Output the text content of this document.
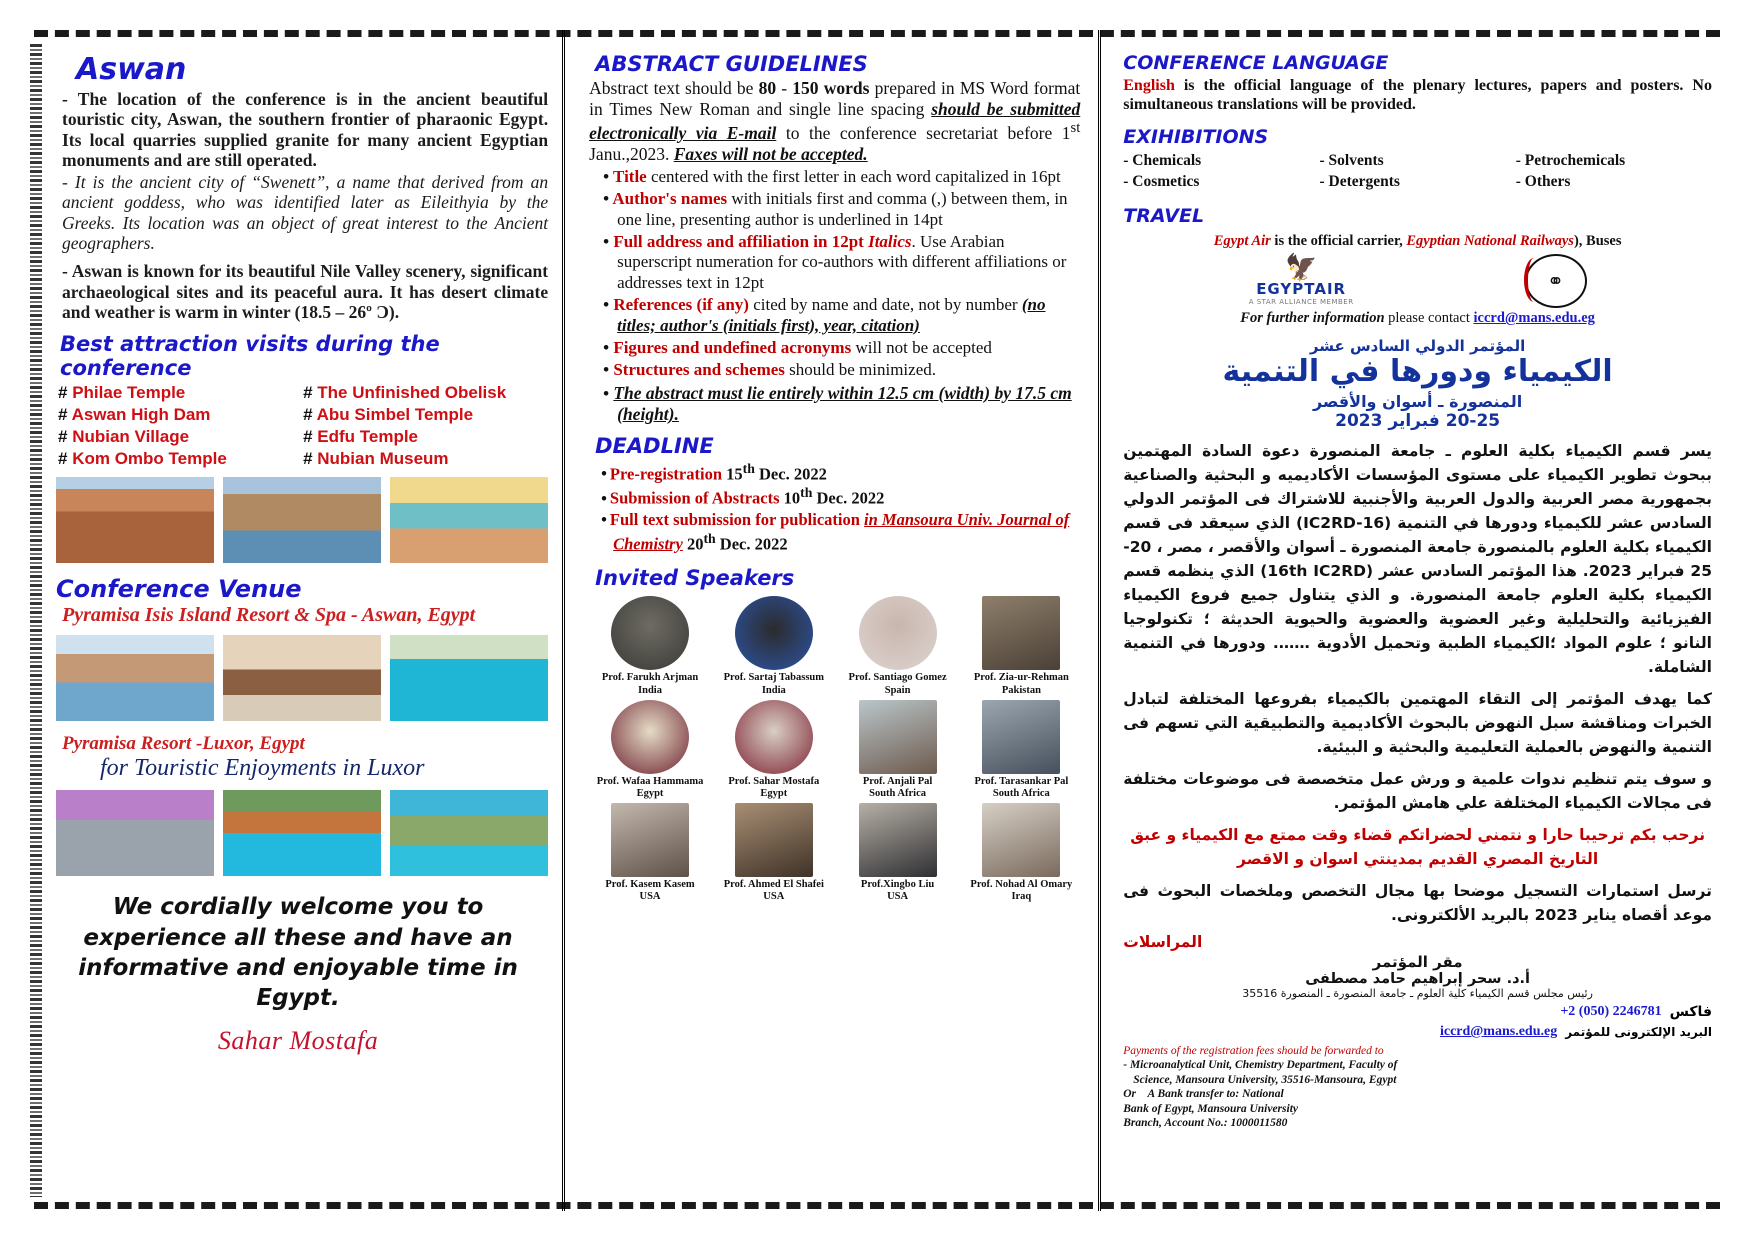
Aswan

- The location of the conference is in the ancient beautiful touristic city, Aswan, the southern frontier of pharaonic Egypt. Its local quarries supplied granite for many ancient Egyptian monuments and are still operated.

- It is the ancient city of “Swenett”, a name that derived from an ancient goddess, who was identified later as Eileithyia by the Greeks. Its location was an object of great interest to the Ancient geographers.

- Aswan is known for its beautiful Nile Valley scenery, significant archaeological sites and its peaceful aura. It has desert climate and weather is warm in winter (18.5 – 26º Ɔ).

Best attraction visits during the conference
# Philae Temple	# The Unfinished Obelisk
# Aswan High Dam	# Abu Simbel Temple
# Nubian Village	# Edfu Temple
# Kom Ombo Temple	# Nubian Museum
Conference Venue
Pyramisa Isis Island Resort & Spa - Aswan, Egypt
Pyramisa Resort -Luxor, Egypt
for Touristic Enjoyments in Luxor
We cordially welcome you to experience all these and have an informative and enjoyable time in Egypt.
Sahar Mostafa
ABSTRACT GUIDELINES

Abstract text should be 80 - 150 words prepared in MS Word format in Times New Roman and single line spacing should be submitted electronically via E-mail to the conference secretariat before 1st Janu.,2023. Faxes will not be accepted.

• Title centered with the first letter in each word capitalized in 16pt
• Author's names with initials first and comma (,) between them, in one line, presenting author is underlined in 14pt
• Full address and affiliation in 12pt Italics. Use Arabian superscript numeration for co-authors with different affiliations or addresses text in 12pt
• References (if any) cited by name and date, not by number (no titles; author's (initials first), year, citation)
• Figures and undefined acronyms will not be accepted
• Structures and schemes should be minimized.
• The abstract must lie entirely within 12.5 cm (width) by 17.5 cm (height).
DEADLINE
• Pre-registration 15th Dec. 2022
• Submission of Abstracts 10th Dec. 2022
• Full text submission for publication in Mansoura Univ. Journal of Chemistry 20th Dec. 2022
Invited Speakers
Prof. Farukh Arjman
India
Prof. Sartaj Tabassum
India
Prof. Santiago Gomez
Spain
Prof. Zia-ur-Rehman
Pakistan
Prof. Wafaa Hammama
Egypt
Prof. Sahar Mostafa
Egypt
Prof. Anjali Pal
South Africa
Prof. Tarasankar Pal
South Africa
Prof. Kasem Kasem
USA
Prof. Ahmed El Shafei
USA
Prof.Xingbo Liu
USA
Prof. Nohad Al Omary
Iraq
CONFERENCE LANGUAGE

English is the official language of the plenary lectures, papers and posters. No simultaneous translations will be provided.

EXIHIBITIONS
- Chemicals	- Solvents	- Petrochemicals
- Cosmetics	- Detergents	- Others
TRAVEL
Egypt Air is the official carrier, Egyptian National Railways), Buses
🦅
EGYPTAIR
A STAR ALLIANCE MEMBER
⚭
For further information please contact iccrd@mans.edu.eg
المؤتمر الدولي السادس عشر
الكيمياء ودورها في التنمية
المنصورة ـ أسوان والأقصر
20-25 فبراير 2023
يسر قسم الكيمياء بكلية العلوم ـ جامعة المنصورة دعوة السادة المهتمين ببحوث تطوير الكيمياء على مستوى المؤسسات الأكاديميه و البحثية والصناعية بجمهورية مصر العربية والدول العربية والأجنبية للاشتراك فى المؤتمر الدولي السادس عشر للكيمياء ودورها في التنمية (IC2RD-16) الذي سيعقد فى قسم الكيمياء بكلية العلوم بالمنصورة جامعة المنصورة ـ أسوان والأقصر ، مصر ، 20-25 فبراير 2023. هذا المؤتمر السادس عشر (16th IC2RD) الذي ينظمه قسم الكيمياء بكلية العلوم جامعة المنصورة. و الذي يتناول جميع فروع الكيمياء الفيزيائية والتحليلية وغير العضوية والعضوية والحيوية الحديثة ؛ تكنولوجيا النانو ؛ علوم المواد ؛الكيمياء الطبية وتحميل الأدوية ……. ودورها في التنمية الشاملة.
كما يهدف المؤتمر إلى التقاء المهتمين بالكيمياء بفروعها المختلفة لتبادل الخبرات ومناقشة سبل النهوض بالبحوث الأكاديمية والتطبيقية التي تسهم فى التنمية والنهوض بالعملية التعليمية والبحثية و البيئية.
و سوف يتم تنظيم ندوات علمية و ورش عمل متخصصة فى موضوعات مختلفة فى مجالات الكيمياء المختلفة علي هامش المؤتمر.
نرحب بكم ترحيبا حارا و نتمني لحضراتكم قضاء وقت ممتع مع الكيمياء و عبق التاريخ المصري القديم بمدينتي اسوان و الاقصر
ترسل استمارات التسجيل موضحا بها مجال التخصص وملخصات البحوث فى موعد أقصاه يناير 2023 بالبريد الألكترونى.
المراسلات
مقر المؤتمر
أ.د. سحر إبراهيم حامد مصطفى
رئيس مجلس قسم الكيمياء كلية العلوم ـ جامعة المنصورة ـ المنصورة 35516
+2 (050) 2246781 فاكس
iccrd@mans.edu.eg البريد الإلكترونى للمؤتمر
Payments of the registration fees should be forwarded to
- Microanalytical Unit, Chemistry Department, Faculty of
Science, Mansoura University, 35516-Mansoura, Egypt
Or A Bank transfer to: National
Bank of Egypt, Mansoura University
Branch, Account No.: 1000011580
